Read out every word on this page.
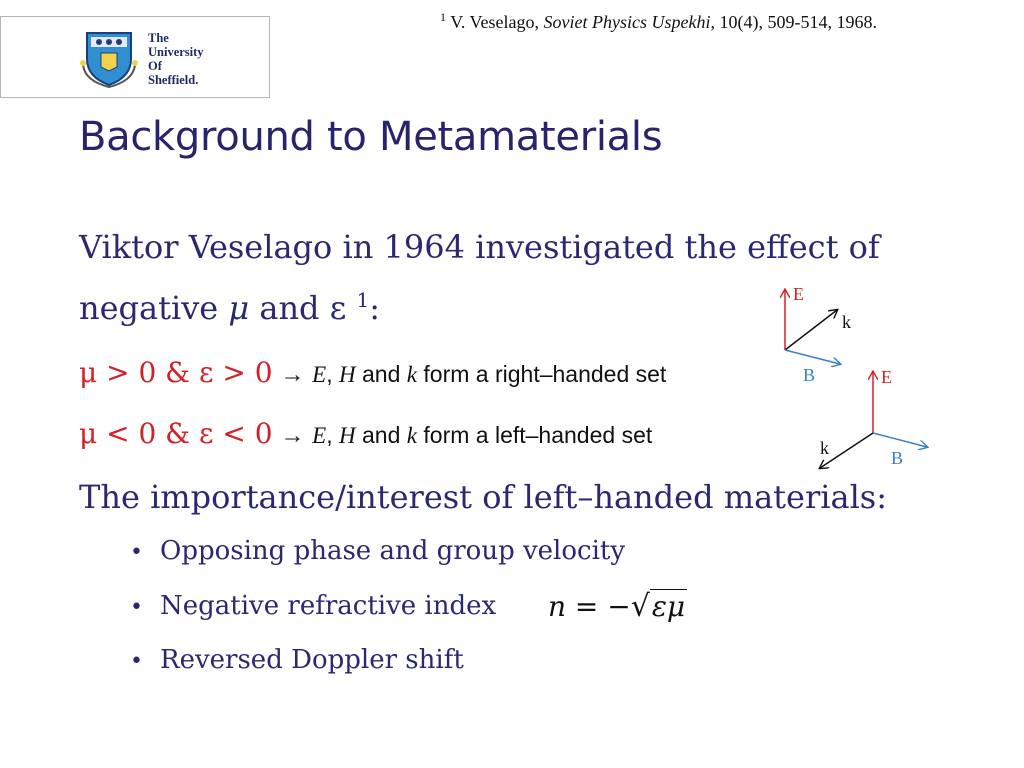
The
University
Of
Sheffield.
$^1$ V. Veselago, Soviet Physics Uspekhi, 10(4), 509-514, 1968.
Background to Metamaterials
Viktor Veselago in 1964 investigated the effect of
negative μ and ε $^1$:
μ > 0 & ε > 0 → E, H and k form a right–handed set
μ < 0 & ε < 0 → E, H and k form a left–handed set
The importance/interest of left–handed materials:
• Opposing phase and group velocity
• Negative refractive index
• Reversed Doppler shift
n = −√εμ
E
k
B	E
k	B
